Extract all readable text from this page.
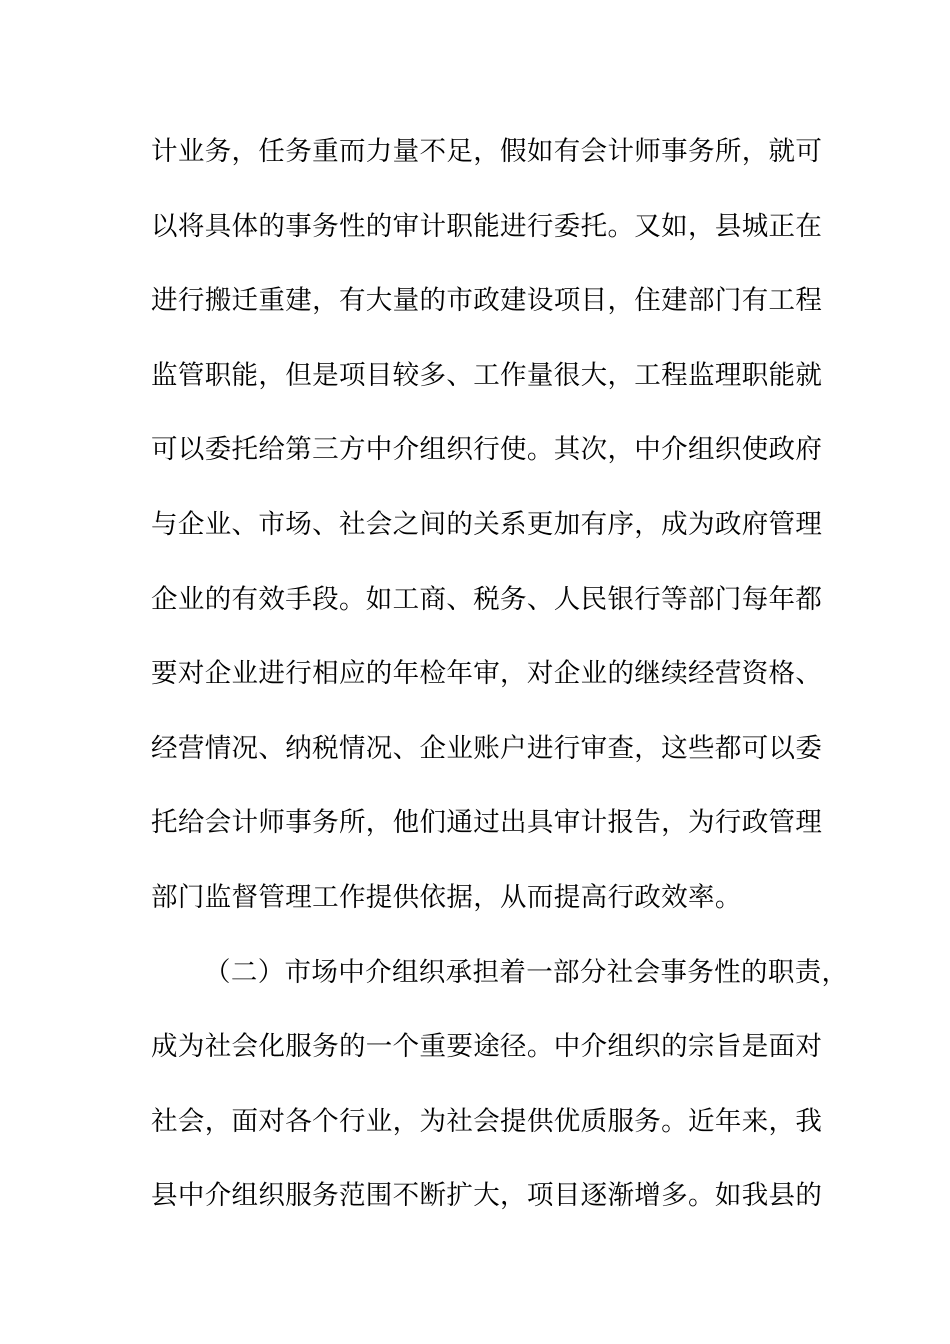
计业务，任务重而力量不足，假如有会计师事务所，就可
以将具体的事务性的审计职能进行委托。又如，县城正在
进行搬迁重建，有大量的市政建设项目，住建部门有工程
监管职能，但是项目较多、工作量很大，工程监理职能就
可以委托给第三方中介组织行使。其次，中介组织使政府
与企业、市场、社会之间的关系更加有序，成为政府管理
企业的有效手段。如工商、税务、人民银行等部门每年都
要对企业进行相应的年检年审，对企业的继续经营资格、
经营情况、纳税情况、企业账户进行审查，这些都可以委
托给会计师事务所，他们通过出具审计报告，为行政管理
部门监督管理工作提供依据，从而提高行政效率。
（二）市场中介组织承担着一部分社会事务性的职责，
成为社会化服务的一个重要途径。中介组织的宗旨是面对
社会，面对各个行业，为社会提供优质服务。近年来，我
县中介组织服务范围不断扩大，项目逐渐增多。如我县的
